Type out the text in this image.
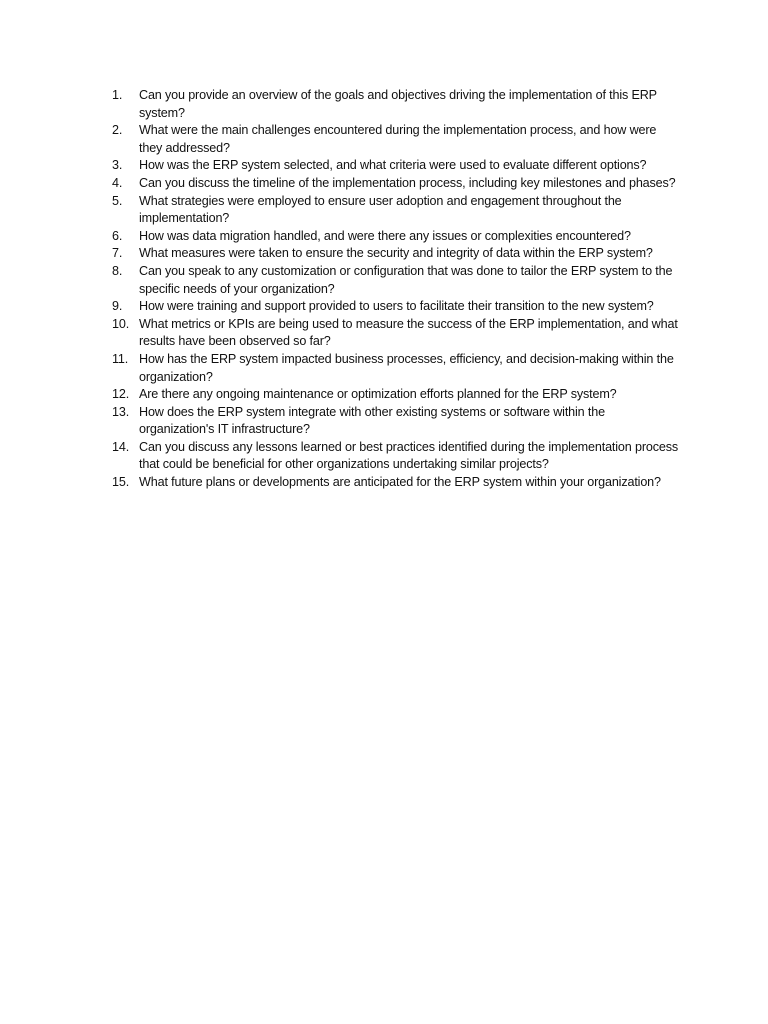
1.	Can you provide an overview of the goals and objectives driving the implementation of this ERP system?
2.	What were the main challenges encountered during the implementation process, and how were they addressed?
3.	How was the ERP system selected, and what criteria were used to evaluate different options?
4.	Can you discuss the timeline of the implementation process, including key milestones and phases?
5.	What strategies were employed to ensure user adoption and engagement throughout the implementation?
6.	How was data migration handled, and were there any issues or complexities encountered?
7.	What measures were taken to ensure the security and integrity of data within the ERP system?
8.	Can you speak to any customization or configuration that was done to tailor the ERP system to the specific needs of your organization?
9.	How were training and support provided to users to facilitate their transition to the new system?
10. What metrics or KPIs are being used to measure the success of the ERP implementation, and what results have been observed so far?
11. How has the ERP system impacted business processes, efficiency, and decision-making within the organization?
12. Are there any ongoing maintenance or optimization efforts planned for the ERP system?
13. How does the ERP system integrate with other existing systems or software within the organization's IT infrastructure?
14. Can you discuss any lessons learned or best practices identified during the implementation process that could be beneficial for other organizations undertaking similar projects?
15. What future plans or developments are anticipated for the ERP system within your organization?
